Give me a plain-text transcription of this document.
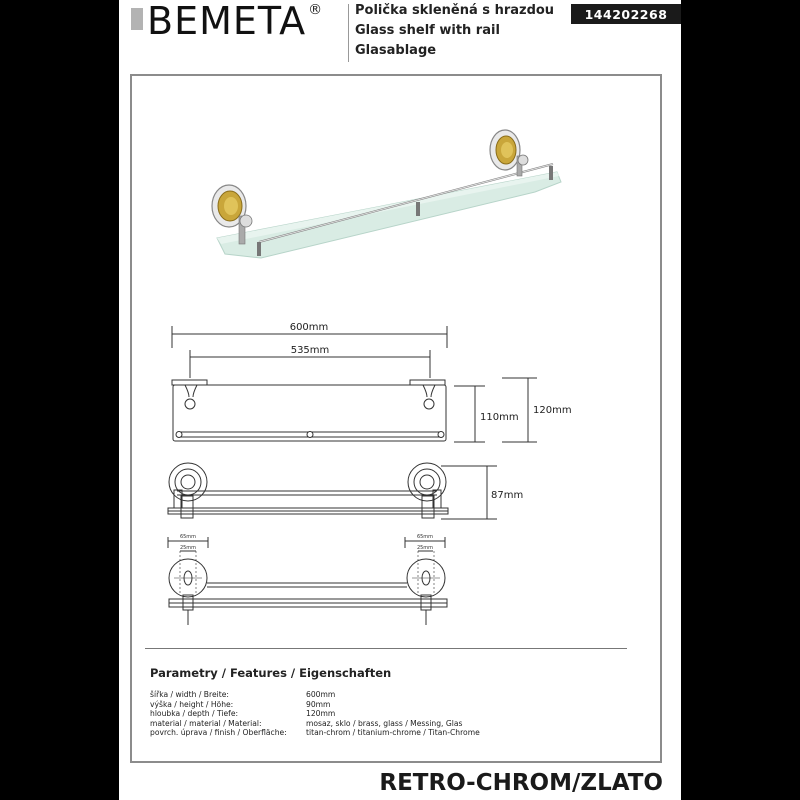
BEMETA ®	Polička skleněná s hrazdou
Glass shelf with rail
Glasablage
144202268
600mm
535mm
110mm
120mm
87mm
65mm
25mm
65mm
25mm
Parametry / Features / Eigenschaften
šířka / width / Breite:	600mm
výška / height / Höhe:	90mm
hloubka / depth / Tiefe:	120mm
material / material / Material:	mosaz, sklo / brass, glass / Messing, Glas
povrch. úprava / finish / Oberfläche:	titan-chrom / titanium-chrome / Titan-Chrome
RETRO-CHROM/ZLATO
